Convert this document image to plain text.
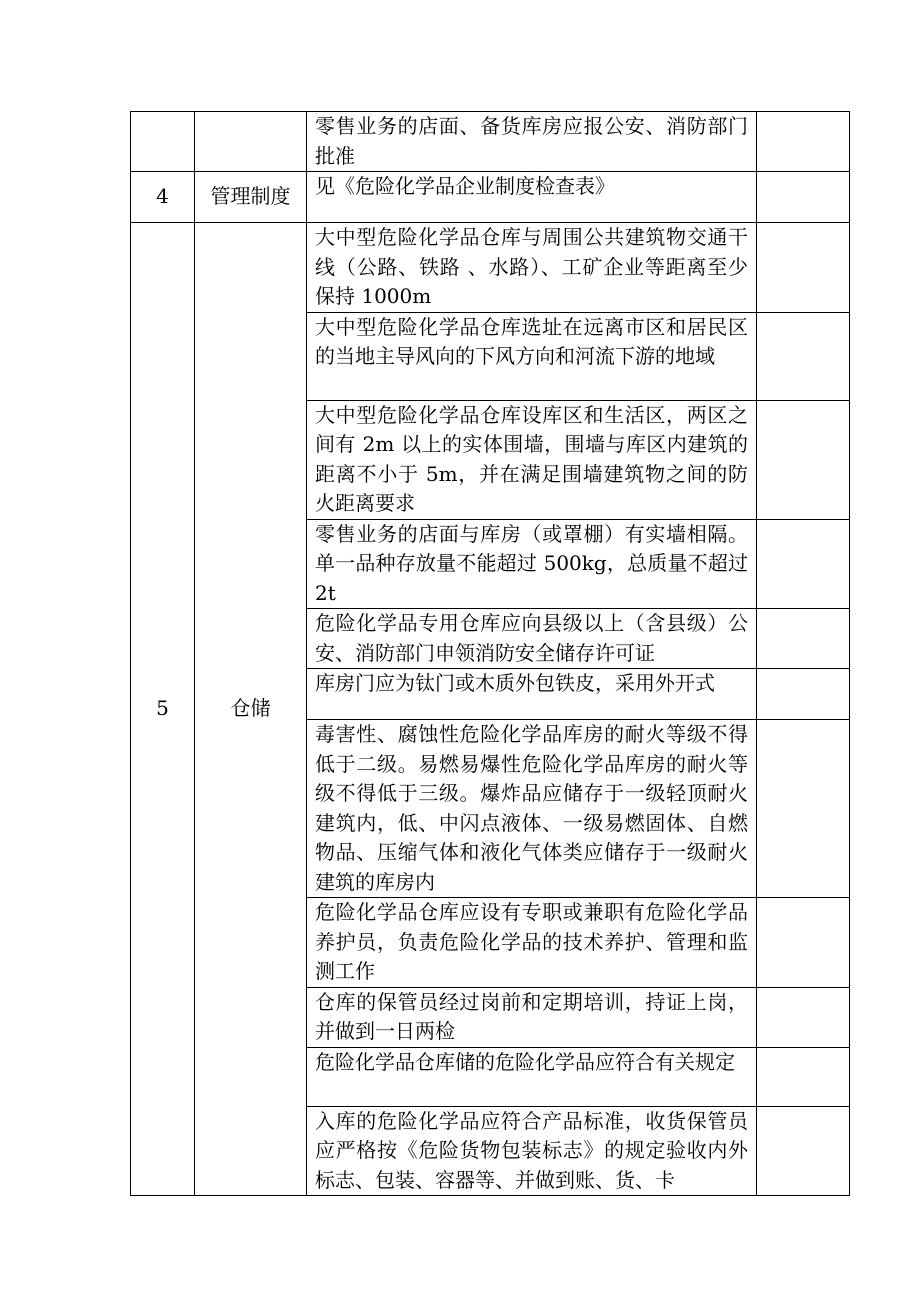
		零售业务的店面、备货库房应报公安、消防部门批准	
4	管理制度	见《危险化学品企业制度检查表》	
5	仓储	大中型危险化学品仓库与周围公共建筑物交通干线（公路、铁路 、水路）、工矿企业等距离至少保持 1000m	
		大中型危险化学品仓库选址在远离市区和居民区的当地主导风向的下风方向和河流下游的地域	
		大中型危险化学品仓库设库区和生活区，两区之间有 2m 以上的实体围墙，围墙与库区内建筑的距离不小于 5m，并在满足围墙建筑物之间的防火距离要求	
		零售业务的店面与库房（或罩棚）有实墙相隔。单一品种存放量不能超过 500kg，总质量不超过 2t	
		危险化学品专用仓库应向县级以上（含县级）公安、消防部门申领消防安全储存许可证	
		库房门应为钛门或木质外包铁皮，采用外开式	
		毒害性、腐蚀性危险化学品库房的耐火等级不得低于二级。易燃易爆性危险化学品库房的耐火等级不得低于三级。爆炸品应储存于一级轻顶耐火建筑内，低、中闪点液体、一级易燃固体、自燃物品、压缩气体和液化气体类应储存于一级耐火建筑的库房内	
		危险化学品仓库应设有专职或兼职有危险化学品养护员，负责危险化学品的技术养护、管理和监测工作	
		仓库的保管员经过岗前和定期培训，持证上岗，并做到一日两检	
		危险化学品仓库储的危险化学品应符合有关规定	
		入库的危险化学品应符合产品标准，收货保管员应严格按《危险货物包装标志》的规定验收内外标志、包装、容器等、并做到账、货、卡	
